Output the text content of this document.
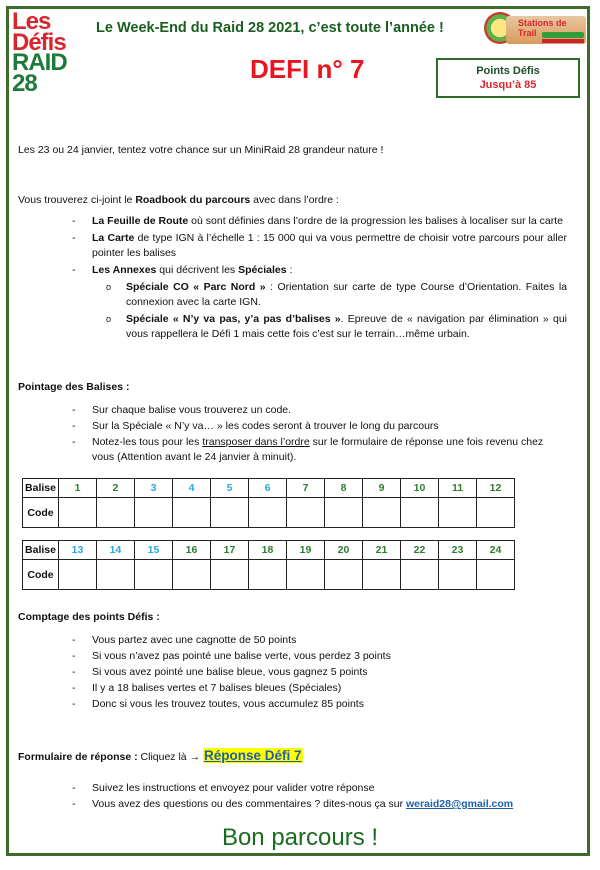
Les
Défis
RAID
28
Le Week-End du Raid 28 2021, c’est toute l’année !
DEFI n° 7
Stations de Trail
Points Défis
Jusqu’à 85
Les 23 ou 24 janvier, tentez votre chance sur un MiniRaid 28 grandeur nature !
Vous trouverez ci-joint le Roadbook du parcours avec dans l’ordre :
- La Feuille de Route où sont définies dans l’ordre de la progression les balises à localiser sur la carte
- La Carte de type IGN à l’échelle 1 : 15 000 qui va vous permettre de choisir votre parcours pour aller pointer les balises
- Les Annexes qui décrivent les Spéciales :
o Spéciale CO « Parc Nord » : Orientation sur carte de type Course d’Orientation. Faites la connexion avec la carte IGN.
o Spéciale « N’y va pas, y’a pas d’balises ». Epreuve de « navigation par élimination » qui vous rappellera le Défi 1 mais cette fois c’est sur le terrain…même urbain.
Pointage des Balises :
- Sur chaque balise vous trouverez un code.
- Sur la Spéciale « N’y va… » les codes seront à trouver le long du parcours
- Notez-les tous pour les transposer dans l’ordre sur le formulaire de réponse une fois revenu chez vous (Attention avant le 24 janvier à minuit).
Balise	1	2	3	4	5	6	7	8	9	10	11	12
Code												
Balise	13	14	15	16	17	18	19	20	21	22	23	24
Code												
Comptage des points Défis :
- Vous partez avec une cagnotte de 50 points
- Si vous n’avez pas pointé une balise verte, vous perdez 3 points
- Si vous avez pointé une balise bleue, vous gagnez 5 points
- Il y a 18 balises vertes et 7 balises bleues (Spéciales)
- Donc si vous les trouvez toutes, vous accumulez 85 points
Formulaire de réponse : Cliquez là → Réponse Défi 7
- Suivez les instructions et envoyez pour valider votre réponse
- Vous avez des questions ou des commentaires ? dites-nous ça sur weraid28@gmail.com
Bon parcours !
